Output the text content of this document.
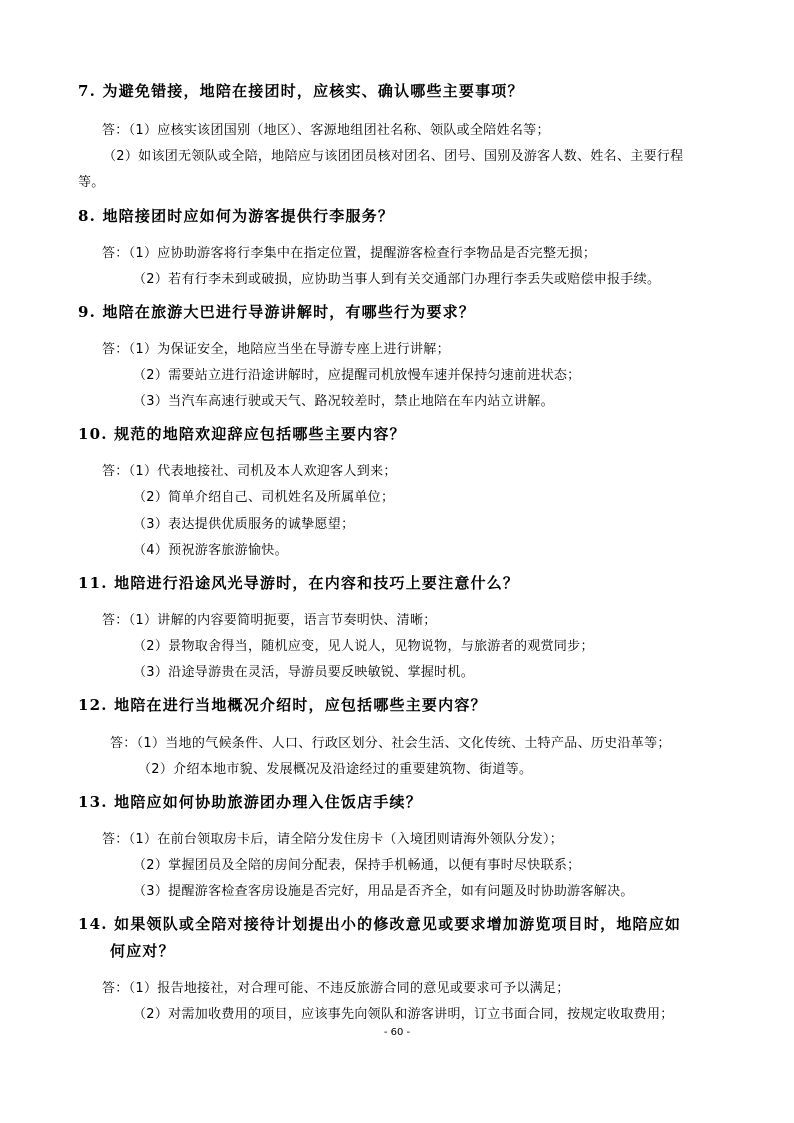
7. 为避免错接，地陪在接团时，应核实、确认哪些主要事项？
答：（1）应核实该团国别（地区）、客源地组团社名称、领队或全陪姓名等；
（2）如该团无领队或全陪，地陪应与该团团员核对团名、团号、国别及游客人数、姓名、主要行程
等。
8. 地陪接团时应如何为游客提供行李服务？
答：（1）应协助游客将行李集中在指定位置，提醒游客检查行李物品是否完整无损；
（2）若有行李未到或破损，应协助当事人到有关交通部门办理行李丢失或赔偿申报手续。
9. 地陪在旅游大巴进行导游讲解时，有哪些行为要求？
答：（1）为保证安全，地陪应当坐在导游专座上进行讲解；
（2）需要站立进行沿途讲解时，应提醒司机放慢车速并保持匀速前进状态；
（3）当汽车高速行驶或天气、路况较差时，禁止地陪在车内站立讲解。
10. 规范的地陪欢迎辞应包括哪些主要内容？
答：（1）代表地接社、司机及本人欢迎客人到来；
（2）简单介绍自己、司机姓名及所属单位；
（3）表达提供优质服务的诚挚愿望；
（4）预祝游客旅游愉快。
11. 地陪进行沿途风光导游时，在内容和技巧上要注意什么？
答：（1）讲解的内容要简明扼要，语言节奏明快、清晰；
（2）景物取舍得当，随机应变，见人说人，见物说物，与旅游者的观赏同步；
（3）沿途导游贵在灵活，导游员要反映敏锐、掌握时机。
12. 地陪在进行当地概况介绍时，应包括哪些主要内容？
答：（1）当地的气候条件、人口、行政区划分、社会生活、文化传统、土特产品、历史沿革等；
（2）介绍本地市貌、发展概况及沿途经过的重要建筑物、街道等。
13. 地陪应如何协助旅游团办理入住饭店手续？
答：（1）在前台领取房卡后，请全陪分发住房卡（入境团则请海外领队分发）；
（2）掌握团员及全陪的房间分配表，保持手机畅通，以便有事时尽快联系；
（3）提醒游客检查客房设施是否完好，用品是否齐全，如有问题及时协助游客解决。
14. 如果领队或全陪对接待计划提出小的修改意见或要求增加游览项目时，地陪应如
何应对？
答：（1）报告地接社，对合理可能、不违反旅游合同的意见或要求可予以满足；
（2）对需加收费用的项目，应该事先向领队和游客讲明，订立书面合同，按规定收取费用；
- 60 -
